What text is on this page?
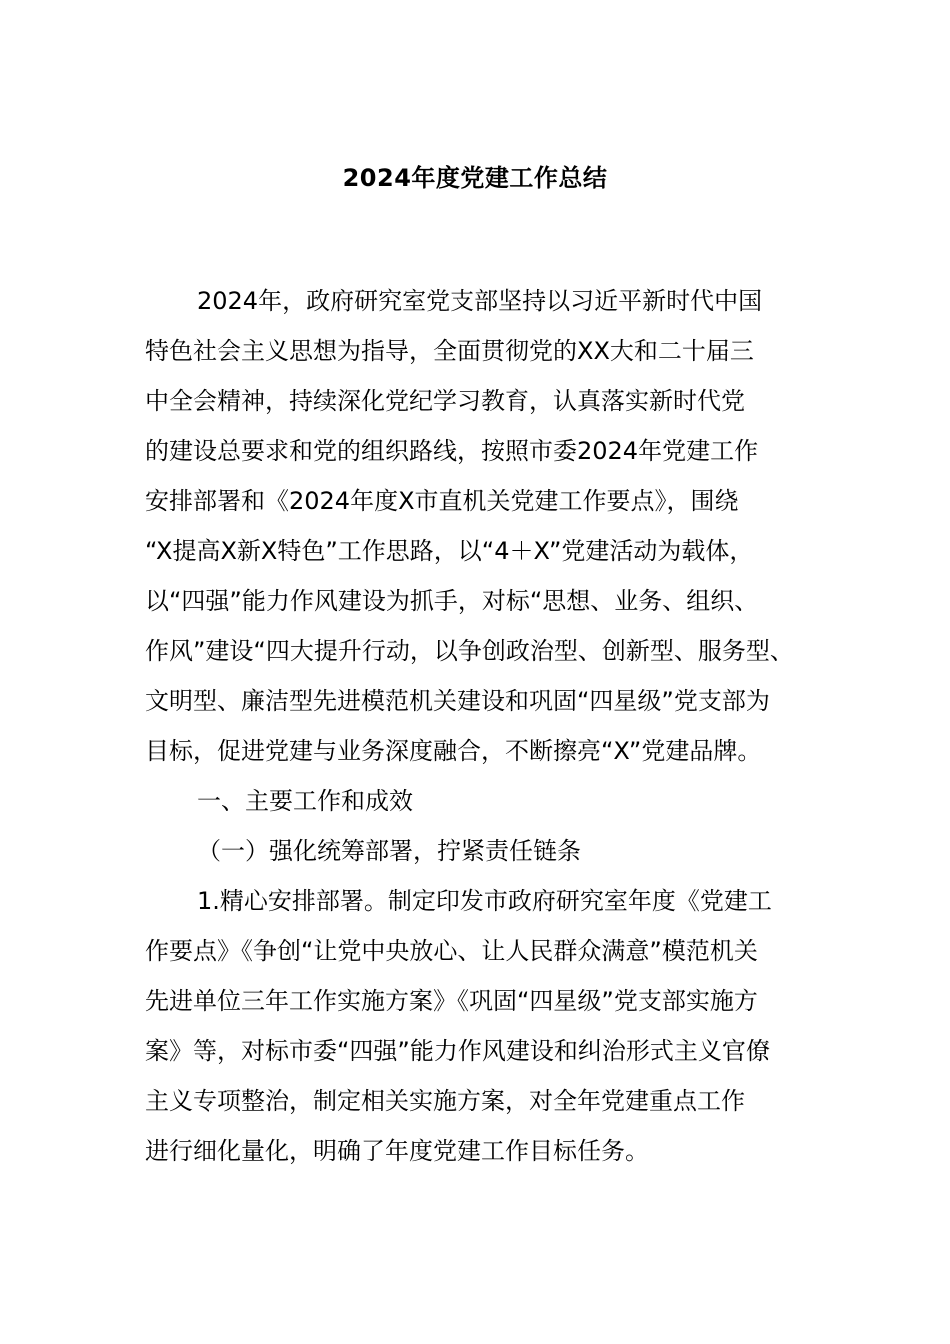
2024年度党建工作总结
2024年，政府研究室党支部坚持以习近平新时代中国
特色社会主义思想为指导，全面贯彻党的XX大和二十届三
中全会精神，持续深化党纪学习教育，认真落实新时代党
的建设总要求和党的组织路线，按照市委2024年党建工作
安排部署和《2024年度X市直机关党建工作要点》，围绕
“X提高X新X特色”工作思路，以“4＋X”党建活动为载体，
以“四强”能力作风建设为抓手，对标“思想、业务、组织、
作风”建设“四大提升行动，以争创政治型、创新型、服务型、
文明型、廉洁型先进模范机关建设和巩固“四星级”党支部为
目标，促进党建与业务深度融合，不断擦亮“X”党建品牌。
一、主要工作和成效
（一）强化统筹部署，拧紧责任链条
1.精心安排部署。制定印发市政府研究室年度《党建工
作要点》《争创“让党中央放心、让人民群众满意”模范机关
先进单位三年工作实施方案》《巩固“四星级”党支部实施方
案》等，对标市委“四强”能力作风建设和纠治形式主义官僚
主义专项整治，制定相关实施方案，对全年党建重点工作
进行细化量化，明确了年度党建工作目标任务。
